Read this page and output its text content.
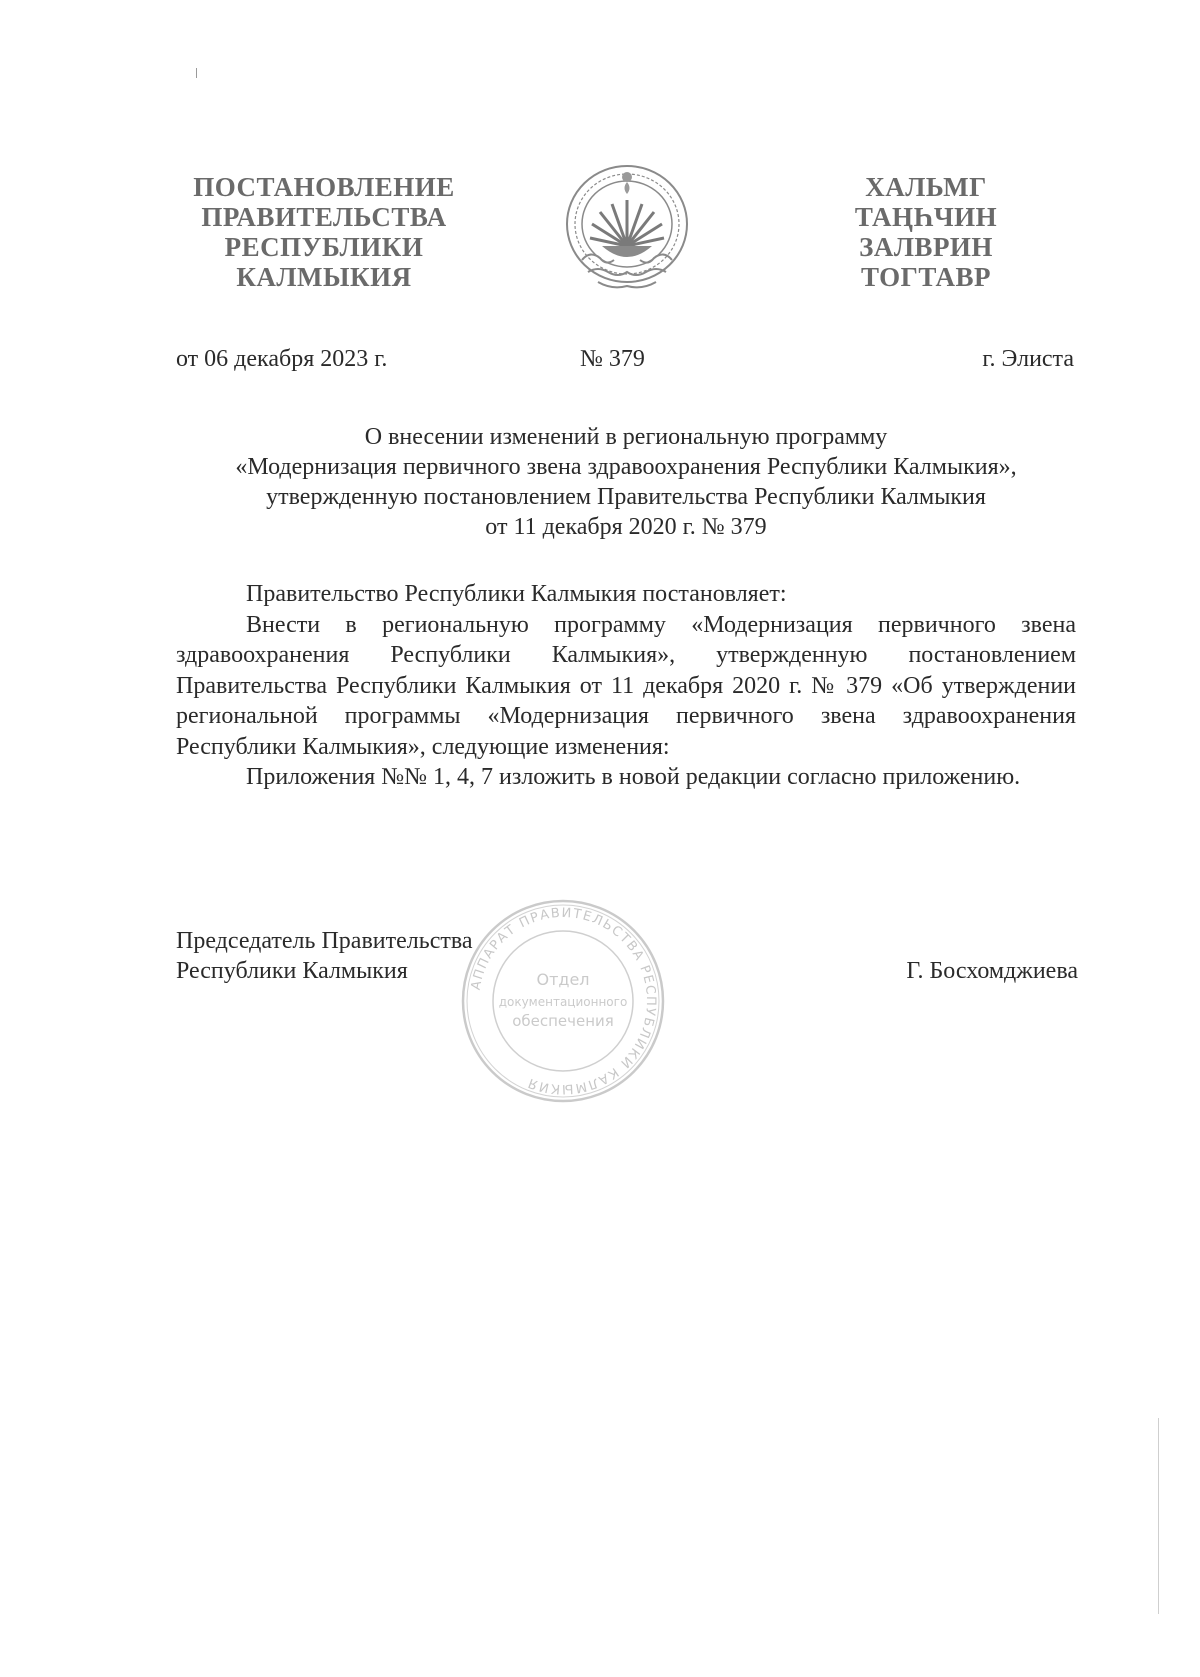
ПОСТАНОВЛЕНИЕ
ПРАВИТЕЛЬСТВА
РЕСПУБЛИКИ
КАЛМЫКИЯ
ХАЛЬМГ
ТАҢҺЧИН
ЗАЛВРИН
ТОГТАВР
от 06 декабря 2023 г.	№ 379	г. Элиста
О внесении изменений в региональную программу
«Модернизация первичного звена здравоохранения Республики Калмыкия»,
утвержденную постановлением Правительства Республики Калмыкия
от 11 декабря 2020 г. № 379

Правительство Республики Калмыкия постановляет:

Внести в региональную программу «Модернизация первичного звена здравоохранения Республики Калмыкия», утвержденную постановлением Правительства Республики Калмыкия от 11 декабря 2020 г. № 379 «Об утверждении региональной программы «Модернизация первичного звена здравоохранения Республики Калмыкия», следующие изменения:

Приложения №№ 1, 4, 7 изложить в новой редакции согласно приложению.

АППАРАТ ПРАВИТЕЛЬСТВА РЕСПУБЛИКИ КАЛМЫКИЯ
Отдел
документационного
обеспечения
Председатель Правительства
Республики Калмыкия	Г. Босхомджиева
